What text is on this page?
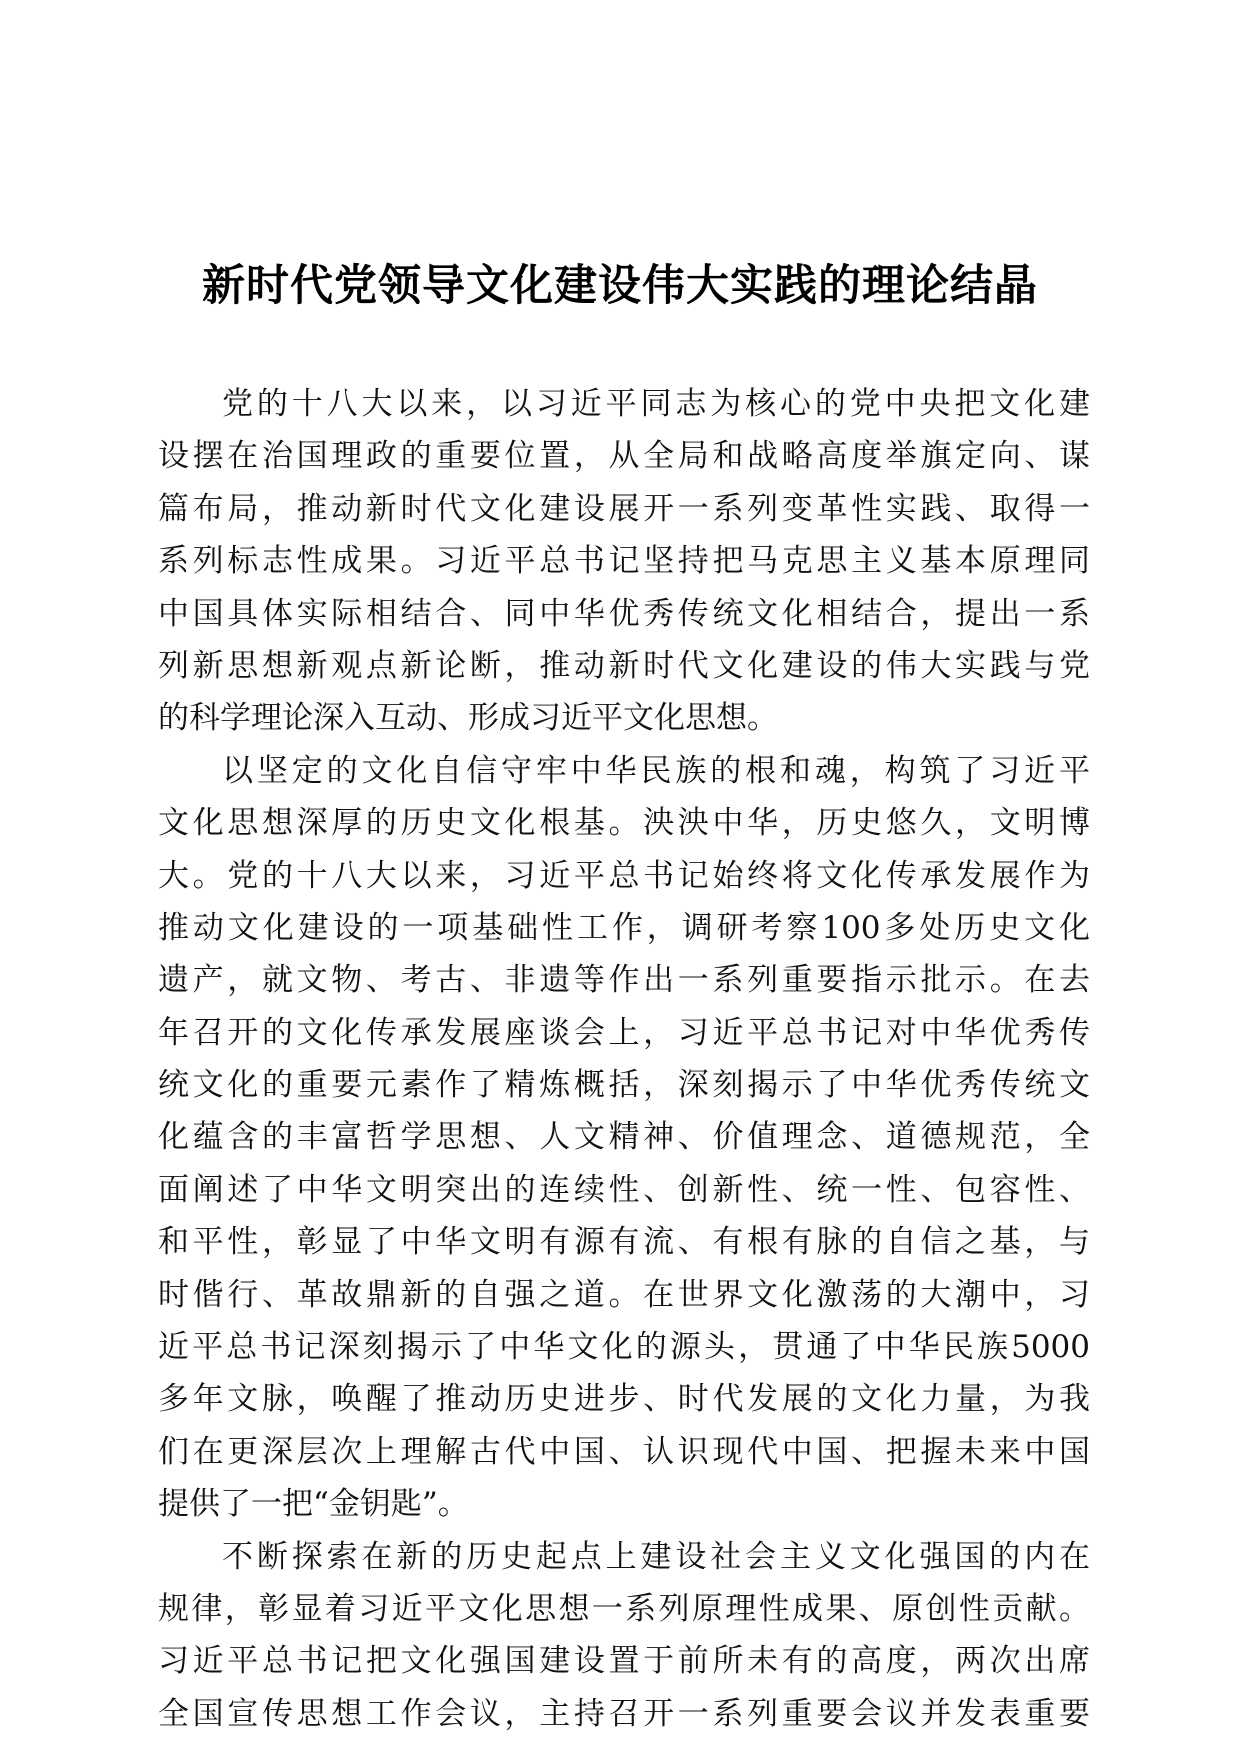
新时代党领导文化建设伟大实践的理论结晶
党的十八大以来，以习近平同志为核心的党中央把文化建
设摆在治国理政的重要位置，从全局和战略高度举旗定向、谋
篇布局，推动新时代文化建设展开一系列变革性实践、取得一
系列标志性成果。习近平总书记坚持把马克思主义基本原理同
中国具体实际相结合、同中华优秀传统文化相结合，提出一系
列新思想新观点新论断，推动新时代文化建设的伟大实践与党
的科学理论深入互动、形成习近平文化思想。
以坚定的文化自信守牢中华民族的根和魂，构筑了习近平
文化思想深厚的历史文化根基。泱泱中华，历史悠久，文明博
大。党的十八大以来，习近平总书记始终将文化传承发展作为
推动文化建设的一项基础性工作，调研考察100多处历史文化
遗产，就文物、考古、非遗等作出一系列重要指示批示。在去
年召开的文化传承发展座谈会上，习近平总书记对中华优秀传
统文化的重要元素作了精炼概括，深刻揭示了中华优秀传统文
化蕴含的丰富哲学思想、人文精神、价值理念、道德规范，全
面阐述了中华文明突出的连续性、创新性、统一性、包容性、
和平性，彰显了中华文明有源有流、有根有脉的自信之基，与
时偕行、革故鼎新的自强之道。在世界文化激荡的大潮中，习
近平总书记深刻揭示了中华文化的源头，贯通了中华民族5000
多年文脉，唤醒了推动历史进步、时代发展的文化力量，为我
们在更深层次上理解古代中国、认识现代中国、把握未来中国
提供了一把“金钥匙”。
不断探索在新的历史起点上建设社会主义文化强国的内在
规律，彰显着习近平文化思想一系列原理性成果、原创性贡献。
习近平总书记把文化强国建设置于前所未有的高度，两次出席
全国宣传思想工作会议，主持召开一系列重要会议并发表重要
